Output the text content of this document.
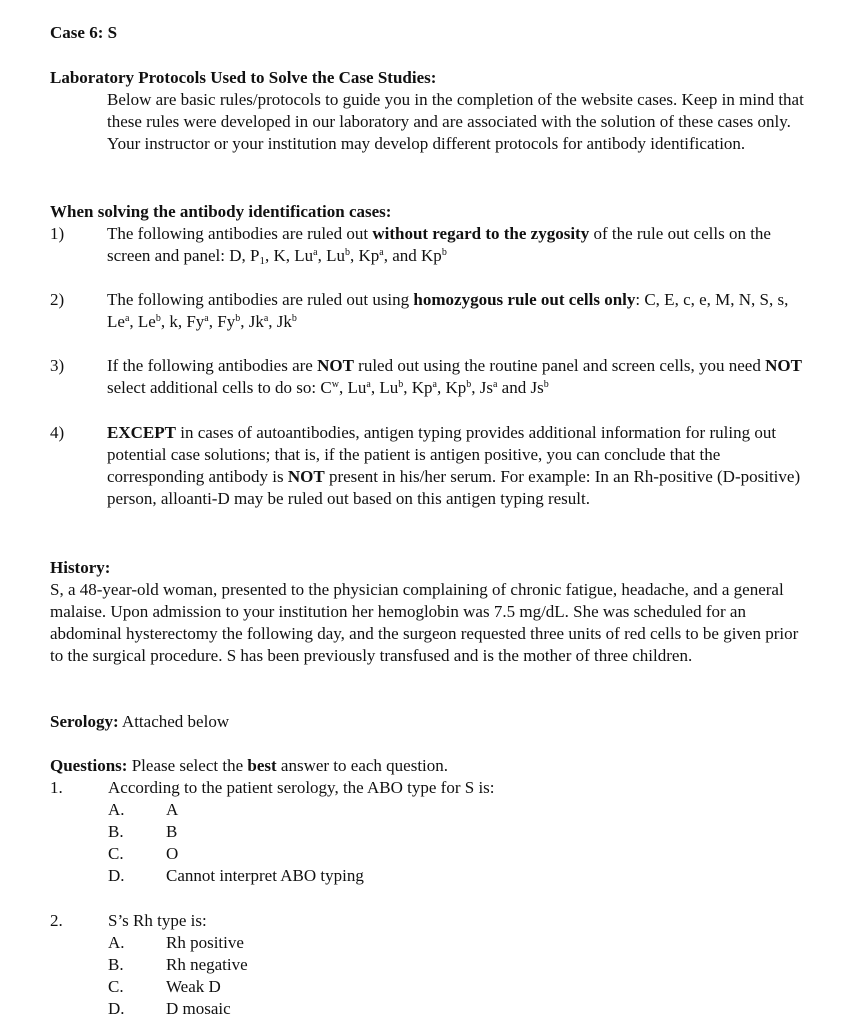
Case 6: S
Laboratory Protocols Used to Solve the Case Studies:
Below are basic rules/protocols to guide you in the completion of the website cases. Keep in mind that these rules were developed in our laboratory and are associated with the solution of these cases only. Your instructor or your institution may develop different protocols for antibody identification.
When solving the antibody identification cases:
1)	The following antibodies are ruled out without regard to the zygosity of the rule out cells on the screen and panel: D, $P_1$, K, Lu$^a$, Lu$^b$, Kp$^a$, and Kp$^b$
2)	The following antibodies are ruled out using homozygous rule out cells only: C, E, c, e, M, N, S, s, Le$^a$, Le$^b$, k, Fy$^a$, Fy$^b$, Jk$^a$, Jk$^b$
3)	If the following antibodies are NOT ruled out using the routine panel and screen cells, you need NOT select additional cells to do so: $C^w$, Lu$^a$, Lu$^b$, Kp$^a$, Kp$^b$, Js$^a$ and Js$^b$
4)	EXCEPT in cases of autoantibodies, antigen typing provides additional information for ruling out potential case solutions; that is, if the patient is antigen positive, you can conclude that the corresponding antibody is NOT present in his/her serum. For example: In an Rh-positive (D-positive) person, alloanti-D may be ruled out based on this antigen typing result.
History:
S, a 48-year-old woman, presented to the physician complaining of chronic fatigue, headache, and a general malaise. Upon admission to your institution her hemoglobin was 7.5 mg/dL. She was scheduled for an abdominal hysterectomy the following day, and the surgeon requested three units of red cells to be given prior to the surgical procedure. S has been previously transfused and is the mother of three children.
Serology: Attached below
Questions: Please select the best answer to each question.
1.	According to the patient serology, the ABO type for S is:
A. A
B. B
C. O
D. Cannot interpret ABO typing
2.	S’s Rh type is:
A. Rh positive
B. Rh negative
C. Weak D
D. D mosaic
